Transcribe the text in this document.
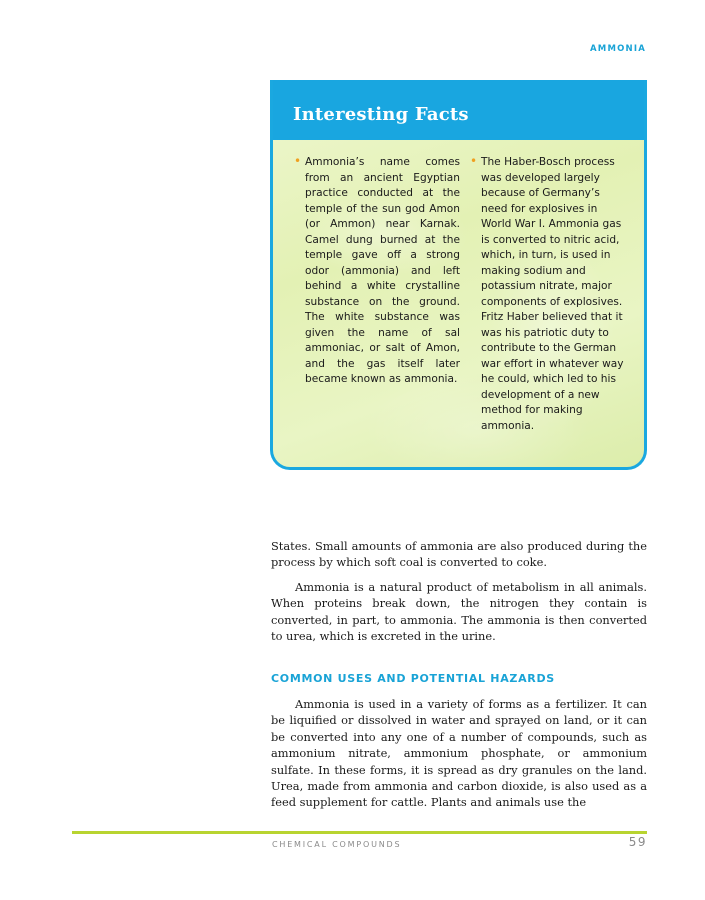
AMMONIA
Interesting Facts
• Ammonia’s name comes from an ancient Egyptian practice conducted at the temple of the sun god Amon (or Ammon) near Karnak. Camel dung burned at the temple gave off a strong odor (ammonia) and left behind a white crystalline substance on the ground. The white substance was given the name of sal ammoniac, or salt of Amon, and the gas itself later became known as ammonia.
• The Haber-Bosch process was developed largely because of Germany’s need for explosives in World War I. Ammonia gas is converted to nitric acid, which, in turn, is used in making sodium and potassium nitrate, major components of explosives. Fritz Haber believed that it was his patriotic duty to contribute to the German war effort in whatever way he could, which led to his development of a new method for making ammonia.

States. Small amounts of ammonia are also produced during the process by which soft coal is converted to coke.

Ammonia is a natural product of metabolism in all animals. When proteins break down, the nitrogen they contain is converted, in part, to ammonia. The ammonia is then converted to urea, which is excreted in the urine.

COMMON USES AND POTENTIAL HAZARDS

Ammonia is used in a variety of forms as a fertilizer. It can be liquified or dissolved in water and sprayed on land, or it can be converted into any one of a number of compounds, such as ammonium nitrate, ammonium phosphate, or ammonium sulfate. In these forms, it is spread as dry granules on the land. Urea, made from ammonia and carbon dioxide, is also used as a feed supplement for cattle. Plants and animals use the

CHEMICAL COMPOUNDS	59
